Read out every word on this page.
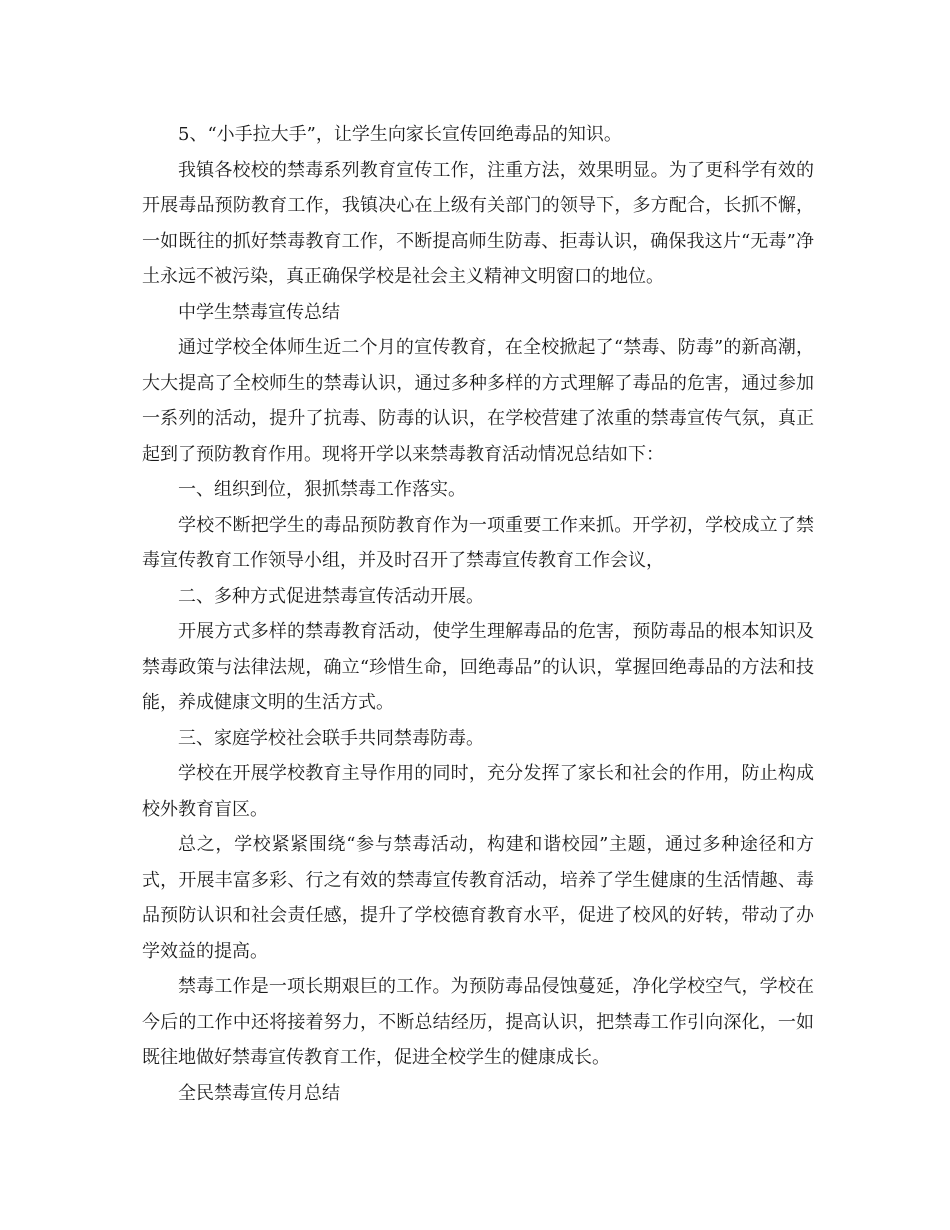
5、“小手拉大手”，让学生向家长宣传回绝毒品的知识。

我镇各校校的禁毒系列教育宣传工作，注重方法，效果明显。为了更科学有效的开展毒品预防教育工作，我镇决心在上级有关部门的领导下，多方配合，长抓不懈，一如既往的抓好禁毒教育工作，不断提高师生防毒、拒毒认识，确保我这片“无毒”净土永远不被污染，真正确保学校是社会主义精神文明窗口的地位。

中学生禁毒宣传总结

通过学校全体师生近二个月的宣传教育，在全校掀起了“禁毒、防毒”的新高潮，大大提高了全校师生的禁毒认识，通过多种多样的方式理解了毒品的危害，通过参加一系列的活动，提升了抗毒、防毒的认识，在学校营建了浓重的禁毒宣传气氛，真正起到了预防教育作用。现将开学以来禁毒教育活动情况总结如下：

一、组织到位，狠抓禁毒工作落实。

学校不断把学生的毒品预防教育作为一项重要工作来抓。开学初，学校成立了禁毒宣传教育工作领导小组，并及时召开了禁毒宣传教育工作会议，

二、多种方式促进禁毒宣传活动开展。

开展方式多样的禁毒教育活动，使学生理解毒品的危害，预防毒品的根本知识及禁毒政策与法律法规，确立“珍惜生命，回绝毒品”的认识，掌握回绝毒品的方法和技能，养成健康文明的生活方式。

三、家庭学校社会联手共同禁毒防毒。

学校在开展学校教育主导作用的同时，充分发挥了家长和社会的作用，防止构成校外教育盲区。

总之，学校紧紧围绕“参与禁毒活动，构建和谐校园”主题，通过多种途径和方式，开展丰富多彩、行之有效的禁毒宣传教育活动，培养了学生健康的生活情趣、毒品预防认识和社会责任感，提升了学校德育教育水平，促进了校风的好转，带动了办学效益的提高。

禁毒工作是一项长期艰巨的工作。为预防毒品侵蚀蔓延，净化学校空气，学校在今后的工作中还将接着努力，不断总结经历，提高认识，把禁毒工作引向深化，一如既往地做好禁毒宣传教育工作，促进全校学生的健康成长。

全民禁毒宣传月总结
